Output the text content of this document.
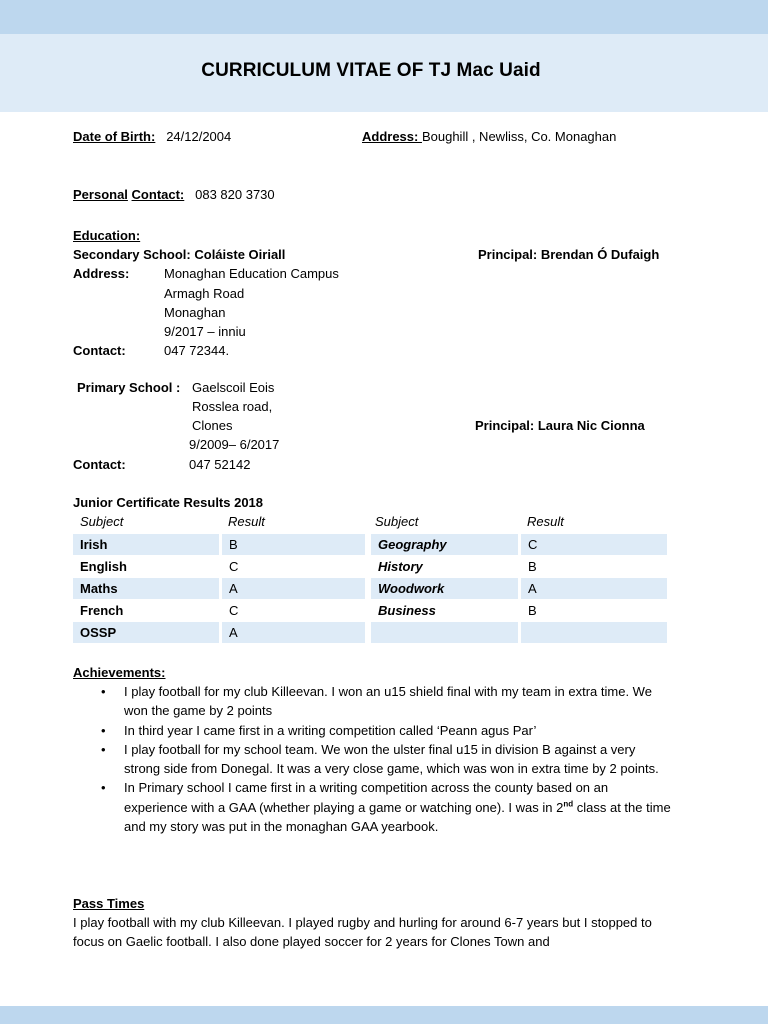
CURRICULUM VITAE OF TJ Mac Uaid
Date of Birth: 24/12/2004	Address: Boughill , Newliss, Co. Monaghan
Personal Contact: 083 820 3730
Education:
Secondary School: Coláiste Oiriall	Principal: Brendan Ó Dufaigh
Address:	Monaghan Education Campus
Armagh Road
Monaghan
9/2017 – inniu
Contact:	047 72344.
Primary School : Gaelscoil Eois
Rosslea road,
Clones	Principal: Laura Nic Cionna
9/2009– 6/2017
Contact:	047 52142
Junior Certificate Results 2018
Subject	Result	Subject	Result
Irish	B	Geography	C
English	C	History	B
Maths	A	Woodwork	A
French	C	Business	B
OSSP	A
Achievements:
• I play football for my club Killeevan. I won an u15 shield final with my team in extra time. We won the game by 2 points
• In third year I came first in a writing competition called ‘Peann agus Par’
• I play football for my school team. We won the ulster final u15 in division B against a very strong side from Donegal. It was a very close game, which was won in extra time by 2 points.
• In Primary school I came first in a writing competition across the county based on an experience with a GAA (whether playing a game or watching one). I was in 2nd class at the time and my story was put in the monaghan GAA yearbook.
Pass Times
I play football with my club Killeevan. I played rugby and hurling for around 6-7 years but I stopped to focus on Gaelic football. I also done played soccer for 2 years for Clones Town and
